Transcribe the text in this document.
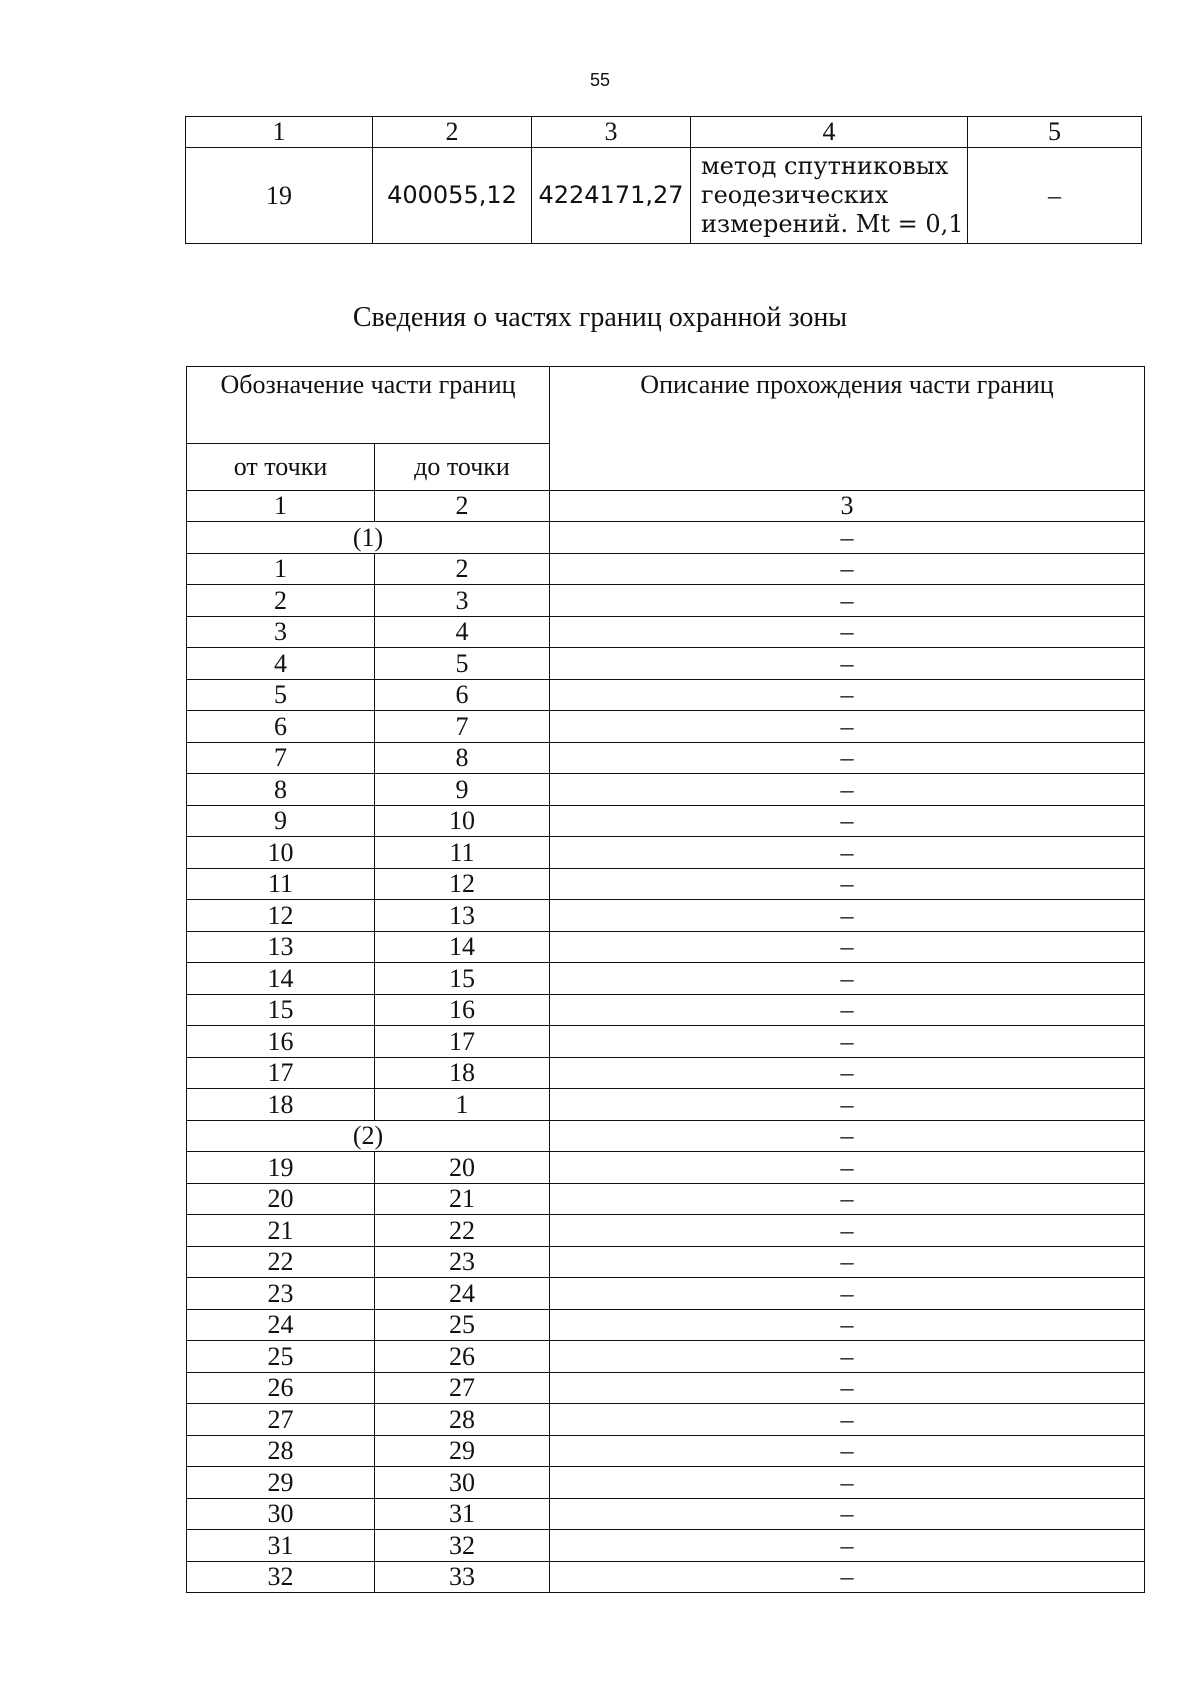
55
1	2	3	4	5
19	400055,12	4224171,27	метод спутниковых
геодезических
измерений. Mt = 0,1	–
Сведения о частях границ охранной зоны
Обозначение части границ		Описание прохождения части границ
от точки	до точки	
1	2	3
(1)		–
1	2	–
2	3	–
3	4	–
4	5	–
5	6	–
6	7	–
7	8	–
8	9	–
9	10	–
10	11	–
11	12	–
12	13	–
13	14	–
14	15	–
15	16	–
16	17	–
17	18	–
18	1	–
(2)		–
19	20	–
20	21	–
21	22	–
22	23	–
23	24	–
24	25	–
25	26	–
26	27	–
27	28	–
28	29	–
29	30	–
30	31	–
31	32	–
32	33	–
